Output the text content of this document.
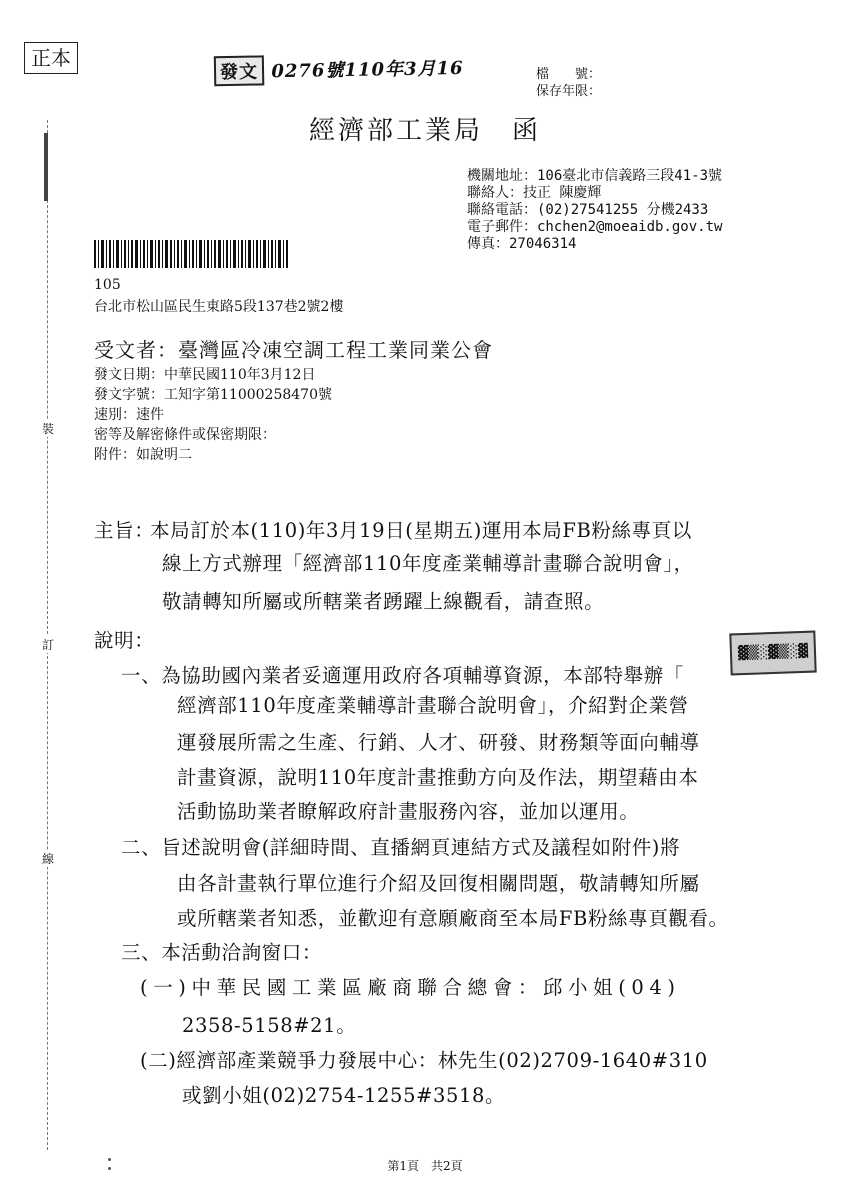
裝
訂
線
正本
發文 0276號110年3月16	檔　　號：
保存年限：
經濟部工業局　函
機關地址：106臺北市信義路三段41-3號
聯絡人：技正 陳慶輝
聯絡電話：(02)27541255 分機2433
電子郵件：chchen2@moeaidb.gov.tw
傳真：27046314
105
台北市松山區民生東路5段137巷2號2樓
受文者：臺灣區冷凍空調工程工業同業公會
發文日期：中華民國110年3月12日
發文字號：工知字第11000258470號
速別：速件
密等及解密條件或保密期限：
附件：如說明二
主旨：
本局訂於本(110)年3月19日(星期五)運用本局FB粉絲專頁以
線上方式辦理「經濟部110年度產業輔導計畫聯合說明會」，
敬請轉知所屬或所轄業者踴躍上線觀看，請查照。
說明：
一、為協助國內業者妥適運用政府各項輔導資源，本部特舉辦「
經濟部110年度產業輔導計畫聯合說明會」，介紹對企業營
運發展所需之生產、行銷、人才、研發、財務類等面向輔導
計畫資源，說明110年度計畫推動方向及作法，期望藉由本
活動協助業者瞭解政府計畫服務內容，並加以運用。
▓▒░▓▒░▓
二、旨述說明會(詳細時間、直播網頁連結方式及議程如附件)將
由各計畫執行單位進行介紹及回復相關問題，敬請轉知所屬
或所轄業者知悉，並歡迎有意願廠商至本局FB粉絲專頁觀看。
三、本活動洽詢窗口：
(一)中華民國工業區廠商聯合總會：邱小姐(04)
2358-5158#21。
(二)經濟部產業競爭力發展中心：林先生(02)2709-1640#310
或劉小姐(02)2754-1255#3518。
第1頁　共2頁
